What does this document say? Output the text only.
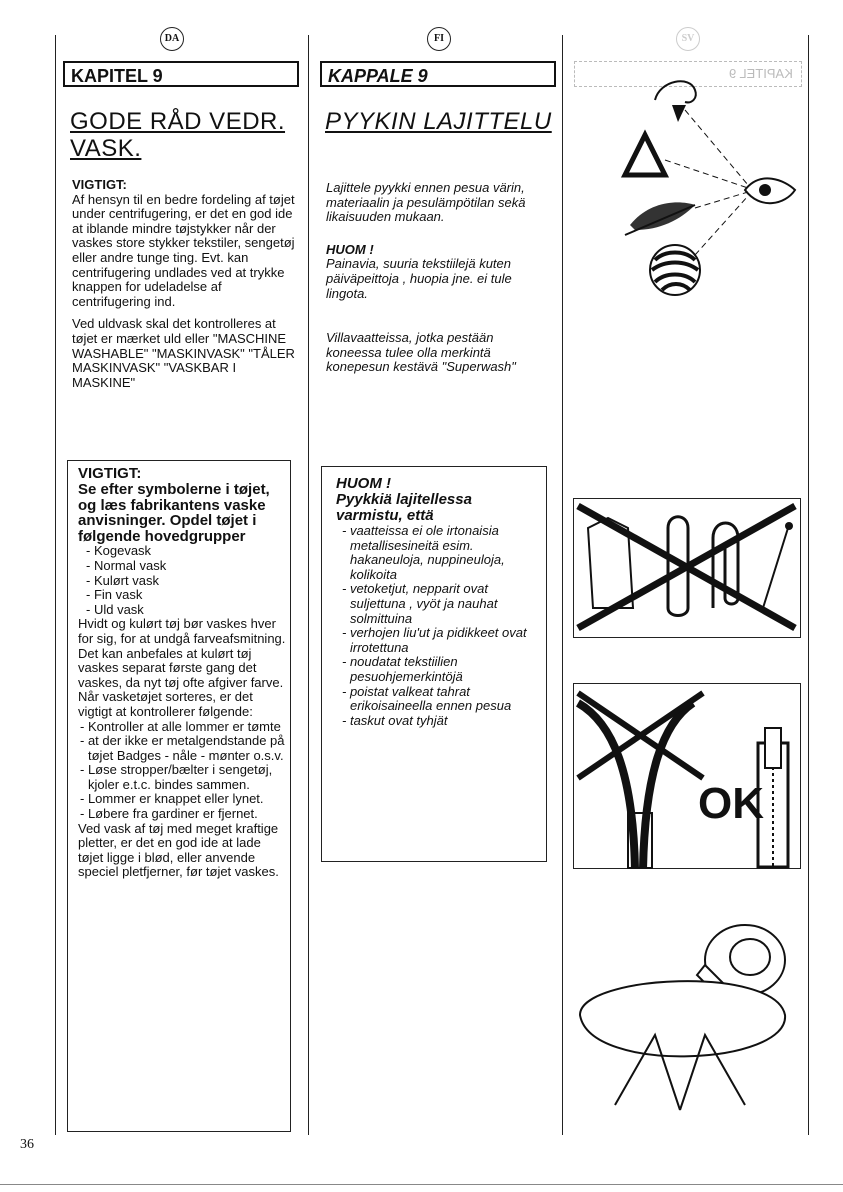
DA
KAPITEL 9
GODE RÅD VEDR.
VASK.

VIGTIGT:

Af hensyn til en bedre fordeling af tøjet under centrifugering, er det en god ide at iblande mindre tøjstykker når der vaskes store stykker tekstiler, sengetøj eller andre tunge ting. Evt. kan centrifugering undlades ved at trykke knappen for udeladelse af centrifugering ind.

Ved uldvask skal det kontrolleres at tøjet er mærket uld eller "MASCHINE WASHABLE" "MASKINVASK" "TÅLER MASKINVASK" "VASKBAR I MASKINE"

VIGTIGT:

Se efter symbolerne i tøjet, og læs fabrikantens vaske anvisninger. Opdel tøjet i følgende hovedgrupper

- Kogevask
- Normal vask
- Kulørt vask
- Fin vask
- Uld vask

Hvidt og kulørt tøj bør vaskes hver for sig, for at undgå farveafsmitning. Det kan anbefales at kulørt tøj vaskes separat første gang det vaskes, da nyt tøj ofte afgiver farve. Når vasketøjet sorteres, er det vigtigt at kontrollerer følgende:

- Kontroller at alle lommer er tømte
- at der ikke er metalgendstande på tøjet Badges - nåle - mønter o.s.v.
- Løse stropper/bælter i sengetøj, kjoler e.t.c. bindes sammen.
- Lommer er knappet eller lynet.
- Løbere fra gardiner er fjernet.

Ved vask af tøj med meget kraftige pletter, er det en god ide at lade tøjet ligge i blød, eller anvende speciel pletfjerner, før tøjet vaskes.

FI
KAPPALE 9
PYYKIN LAJITTELU

Lajittele pyykki ennen pesua värin, materiaalin ja pesulämpötilan sekä likaisuuden mukaan.

HUOM !

Painavia, suuria tekstiilejä kuten päiväpeittoja , huopia jne. ei tule lingota.

Villavaatteissa, jotka pestään koneessa tulee olla merkintä konepesun kestävä "Superwash"

HUOM !

Pyykkiä lajitellessa varmistu, että

- vaatteissa ei ole irtonaisia metallisesineitä esim. hakaneuloja, nuppineuloja, kolikoita
- vetoketjut, nepparit ovat suljettuna , vyöt ja nauhat solmittuina
- verhojen liu'ut ja pidikkeet ovat irrotettuna
- noudatat tekstiilien pesuohjemerkintöjä
- poistat valkeat tahrat erikoisaineella ennen pesua
- taskut ovat tyhjät
SV
KAPITEL 9
OK
36
